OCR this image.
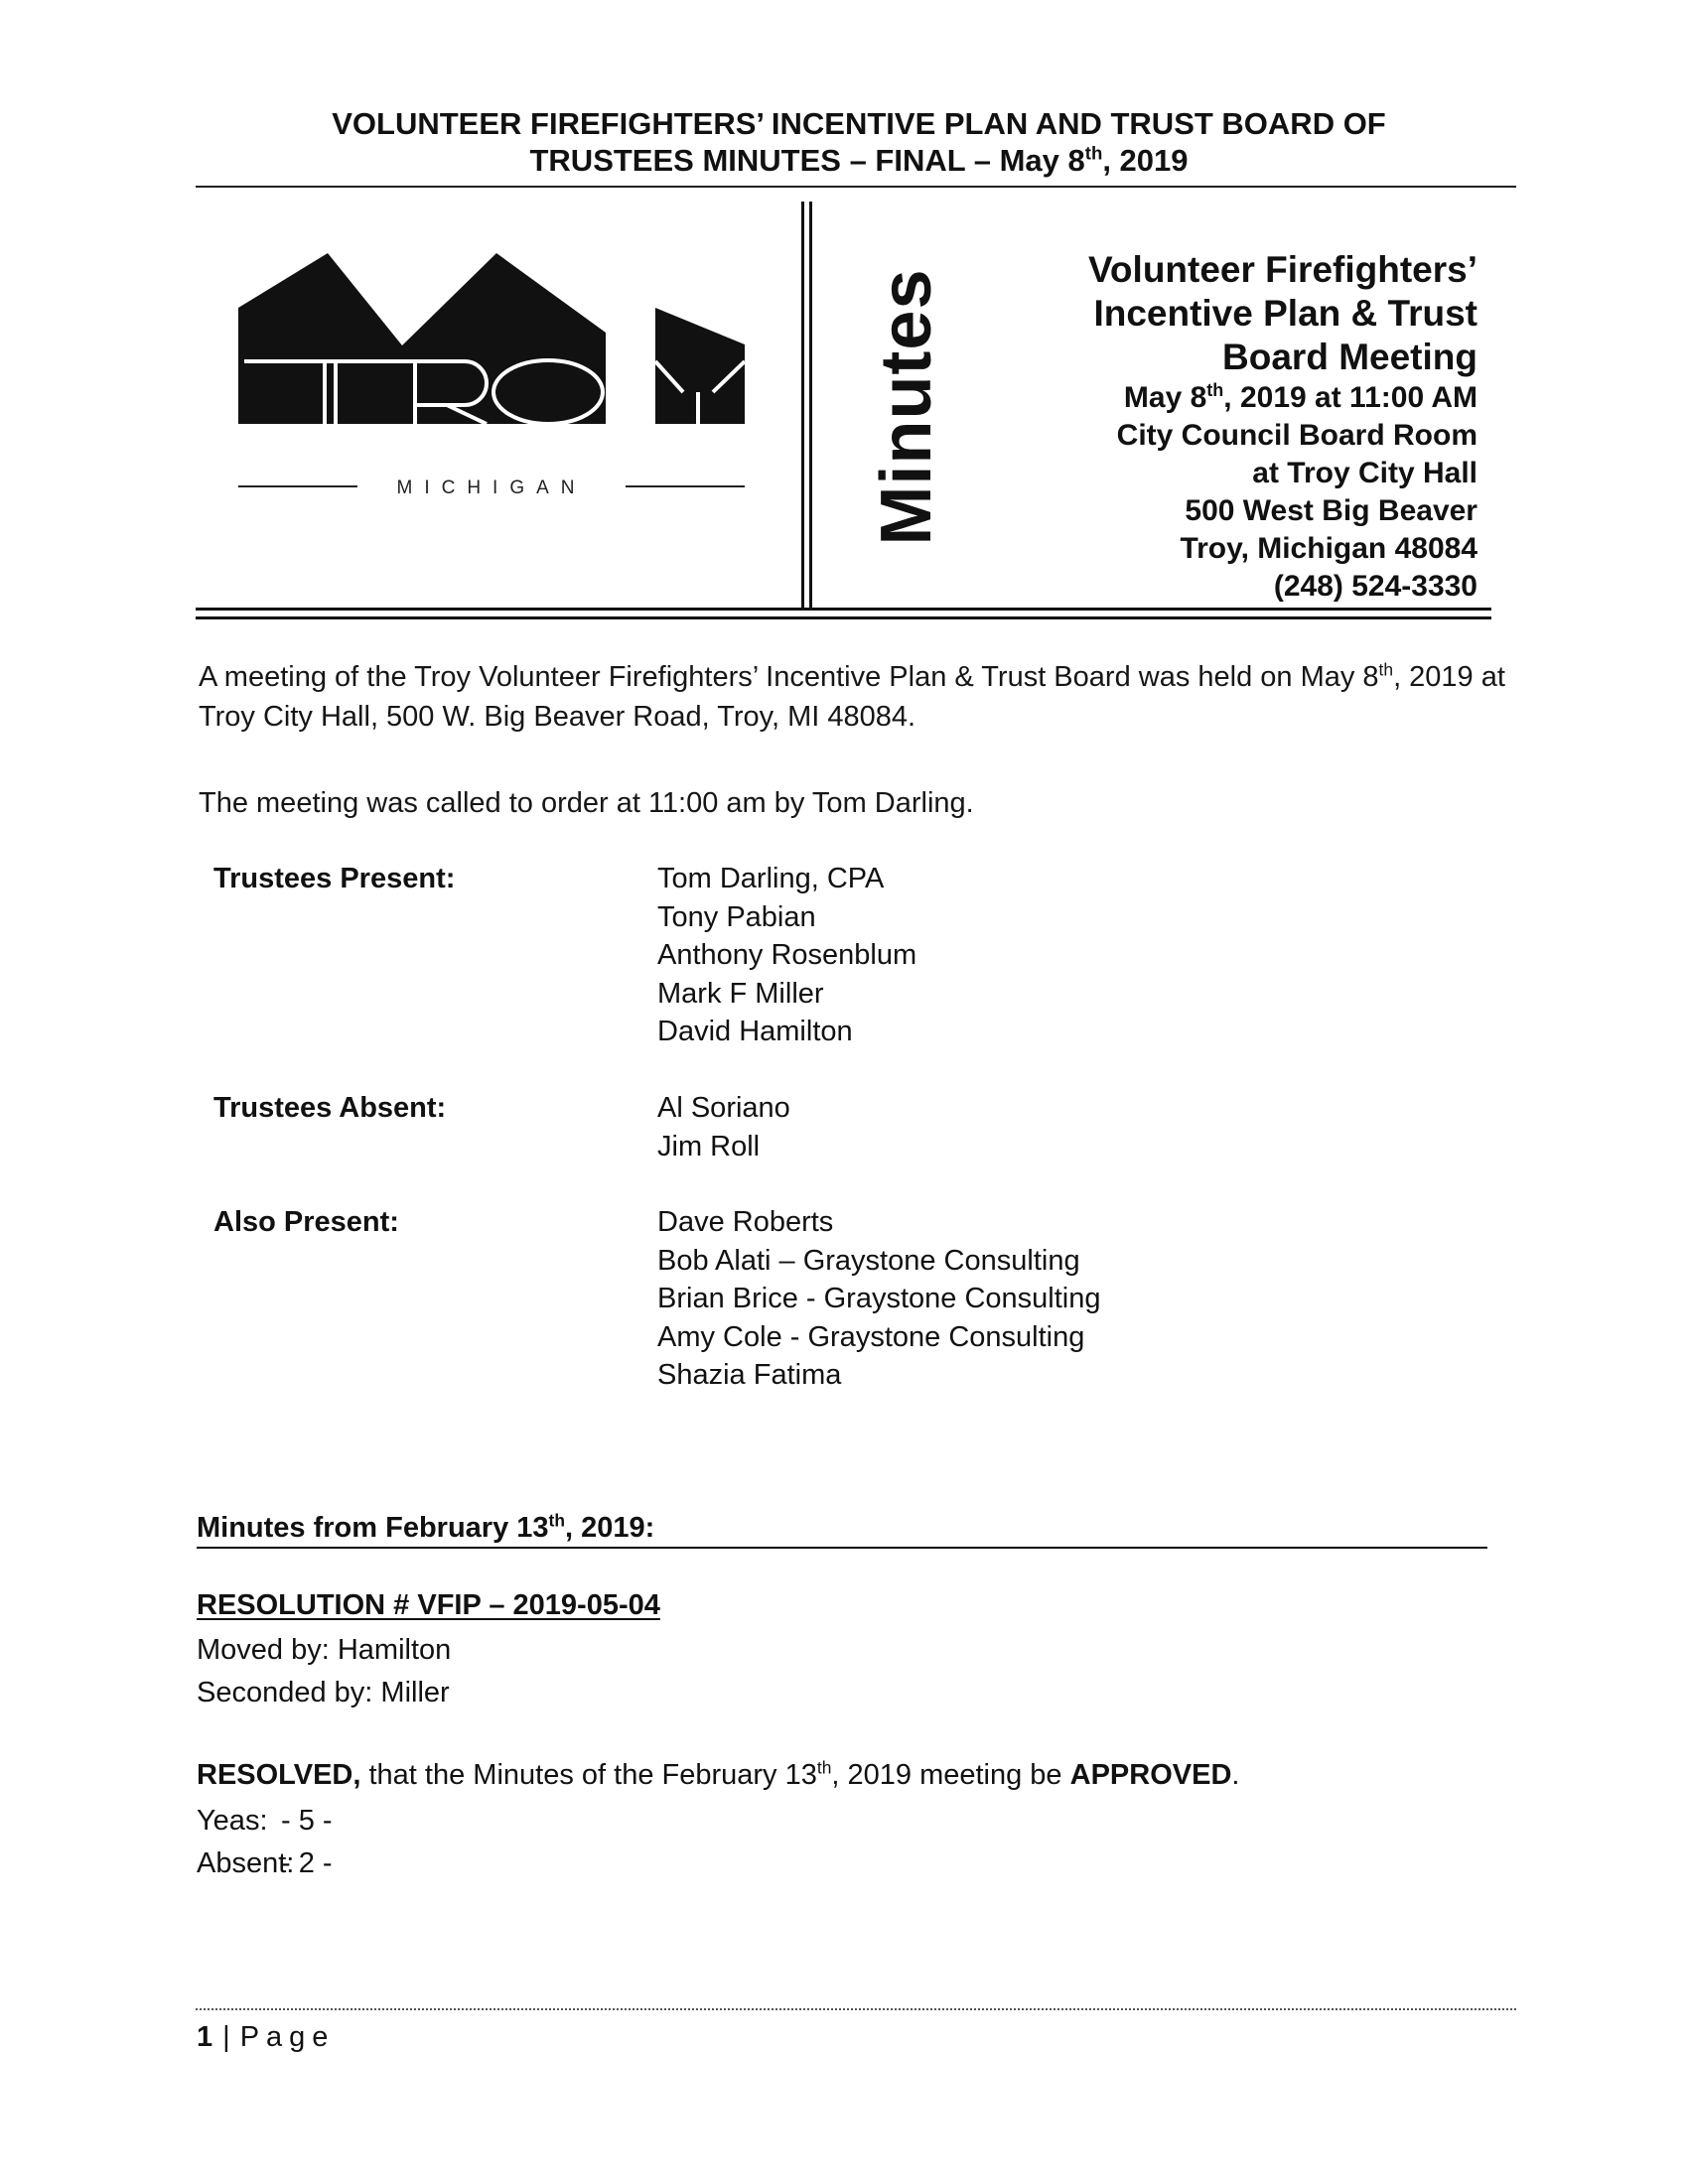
VOLUNTEER FIREFIGHTERS’ INCENTIVE PLAN AND TRUST BOARD OF
TRUSTEES MINUTES – FINAL – May 8th, 2019
MICHIGAN	Minutes	Volunteer Firefighters’
Incentive Plan & Trust
Board Meeting
May 8th, 2019 at 11:00 AM
City Council Board Room
at Troy City Hall
500 West Big Beaver
Troy, Michigan 48084
(248) 524-3330
A meeting of the Troy Volunteer Firefighters’ Incentive Plan & Trust Board was held on May 8th, 2019 at Troy City Hall, 500 W. Big Beaver Road, Troy, MI 48084.
The meeting was called to order at 11:00 am by Tom Darling.
Trustees Present:	Tom Darling, CPA
Tony Pabian
Anthony Rosenblum
Mark F Miller
David Hamilton
Trustees Absent:	Al Soriano
Jim Roll
Also Present:	Dave Roberts
Bob Alati – Graystone Consulting
Brian Brice - Graystone Consulting
Amy Cole - Graystone Consulting
Shazia Fatima
Minutes from February 13th, 2019:
RESOLUTION # VFIP – 2019-05-04
Moved by: Hamilton
Seconded by: Miller
RESOLVED, that the Minutes of the February 13th, 2019 meeting be APPROVED.
Yeas: - 5 -
Absent:- 2 -
1 | Page
